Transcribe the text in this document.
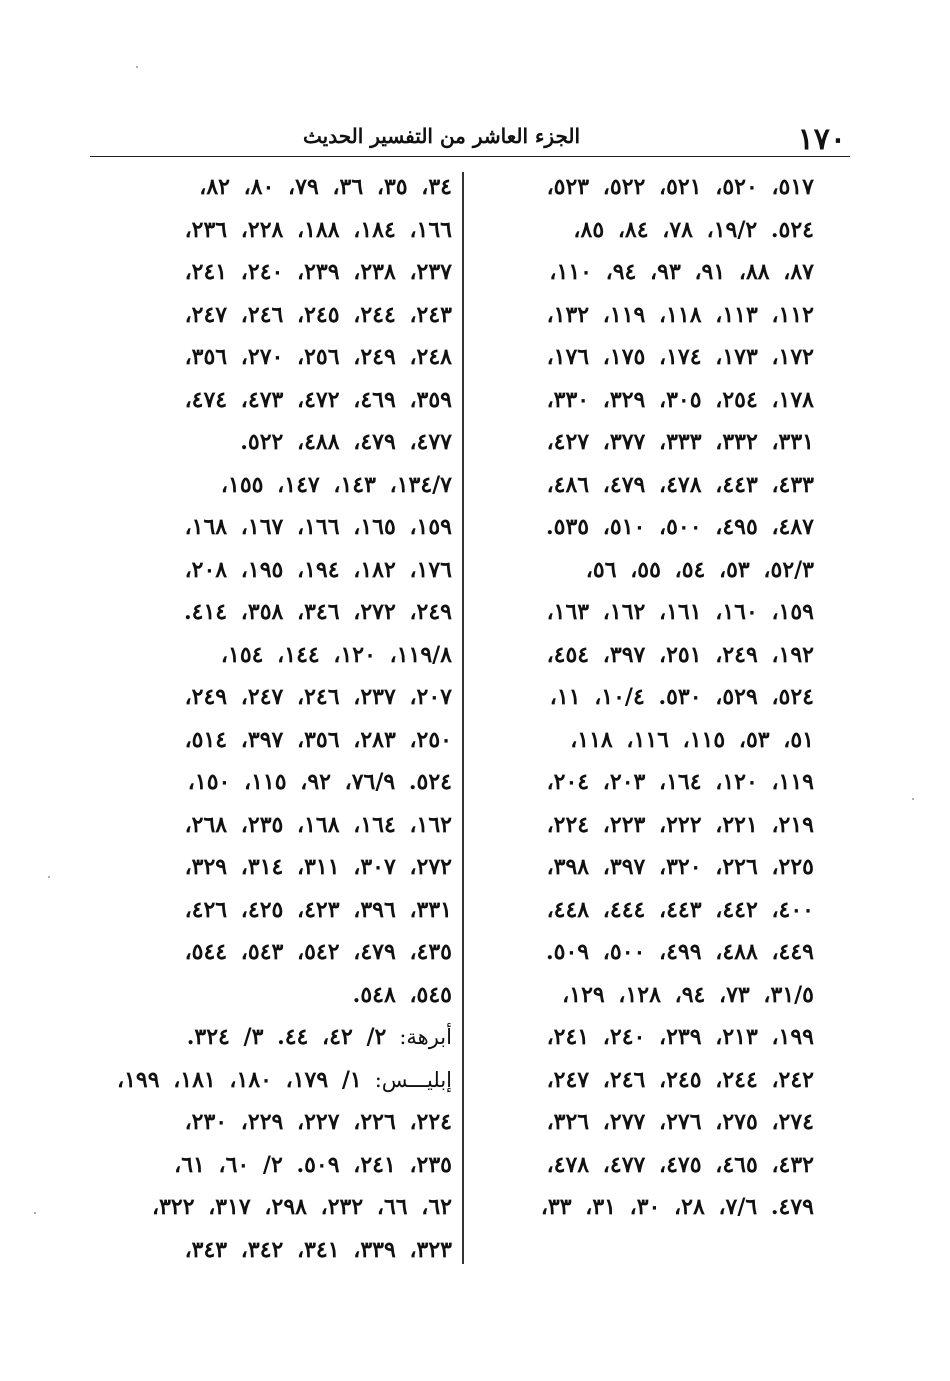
١٧٠
الجزء العاشر من التفسير الحديث
٥١٧، ٥٢٠، ٥٢١، ٥٢٢، ٥٢٣،
٥٢٤. ١٩/٢، ٧٨، ٨٤، ٨٥،
٨٧، ٨٨، ٩١، ٩٣، ٩٤، ١١٠،
١١٢، ١١٣، ١١٨، ١١٩، ١٣٢،
١٧٢، ١٧٣، ١٧٤، ١٧٥، ١٧٦،
١٧٨، ٢٥٤، ٣٠٥، ٣٢٩، ٣٣٠،
٣٣١، ٣٣٢، ٣٣٣، ٣٧٧، ٤٢٧،
٤٣٣، ٤٤٣، ٤٧٨، ٤٧٩، ٤٨٦،
٤٨٧، ٤٩٥، ٥٠٠، ٥١٠، ٥٣٥.
٥٢/٣، ٥٣، ٥٤، ٥٥، ٥٦،
١٥٩، ١٦٠، ١٦١، ١٦٢، ١٦٣،
١٩٢، ٢٤٩، ٢٥١، ٣٩٧، ٤٥٤،
٥٢٤، ٥٢٩، ٥٣٠. ١٠/٤، ١١،
٥١، ٥٣، ١١٥، ١١٦، ١١٨،
١١٩، ١٢٠، ١٦٤، ٢٠٣، ٢٠٤،
٢١٩، ٢٢١، ٢٢٢، ٢٢٣، ٢٢٤،
٢٢٥، ٢٢٦، ٣٢٠، ٣٩٧، ٣٩٨،
٤٠٠، ٤٤٢، ٤٤٣، ٤٤٤، ٤٤٨،
٤٤٩، ٤٨٨، ٤٩٩، ٥٠٠، ٥٠٩.
٣١/٥، ٧٣، ٩٤، ١٢٨، ١٢٩،
١٩٩، ٢١٣، ٢٣٩، ٢٤٠، ٢٤١،
٢٤٢، ٢٤٤، ٢٤٥، ٢٤٦، ٢٤٧،
٢٧٤، ٢٧٥، ٢٧٦، ٢٧٧، ٣٢٦،
٤٣٢، ٤٦٥، ٤٧٥، ٤٧٧، ٤٧٨،
٤٧٩. ٧/٦، ٢٨، ٣٠، ٣١، ٣٣،
٣٤، ٣٥، ٣٦، ٧٩، ٨٠، ٨٢،
١٦٦، ١٨٤، ١٨٨، ٢٢٨، ٢٣٦،
٢٣٧، ٢٣٨، ٢٣٩، ٢٤٠، ٢٤١،
٢٤٣، ٢٤٤، ٢٤٥، ٢٤٦، ٢٤٧،
٢٤٨، ٢٤٩، ٢٥٦، ٢٧٠، ٣٥٦،
٣٥٩، ٤٦٩، ٤٧٢، ٤٧٣، ٤٧٤،
٤٧٧، ٤٧٩، ٤٨٨، ٥٢٢.
١٣٤/٧، ١٤٣، ١٤٧، ١٥٥،
١٥٩، ١٦٥، ١٦٦، ١٦٧، ١٦٨،
١٧٦، ١٨٢، ١٩٤، ١٩٥، ٢٠٨،
٢٤٩، ٢٧٢، ٣٤٦، ٣٥٨، ٤١٤.
١١٩/٨، ١٢٠، ١٤٤، ١٥٤،
٢٠٧، ٢٣٧، ٢٤٦، ٢٤٧، ٢٤٩،
٢٥٠، ٢٨٣، ٣٥٦، ٣٩٧، ٥١٤،
٥٢٤. ٧٦/٩، ٩٢، ١١٥، ١٥٠،
١٦٢، ١٦٤، ١٦٨، ٢٣٥، ٢٦٨،
٢٧٢، ٣٠٧، ٣١١، ٣١٤، ٣٢٩،
٣٣١، ٣٩٦، ٤٢٣، ٤٢٥، ٤٢٦،
٤٣٥، ٤٧٩، ٥٤٢، ٥٤٣، ٥٤٤،
٥٤٥، ٥٤٨.
أبرهة: ٢/ ٤٢، ٤٤. ٣/ ٣٢٤.
إبليـــس: ١/ ١٧٩، ١٨٠، ١٨١، ١٩٩،
٢٢٤، ٢٢٦، ٢٢٧، ٢٢٩، ٢٣٠،
٢٣٥، ٢٤١، ٥٠٩. ٢/ ٦٠، ٦١،
٦٢، ٦٦، ٢٣٢، ٢٩٨، ٣١٧، ٣٢٢،
٣٢٣، ٣٣٩، ٣٤١، ٣٤٢، ٣٤٣،
